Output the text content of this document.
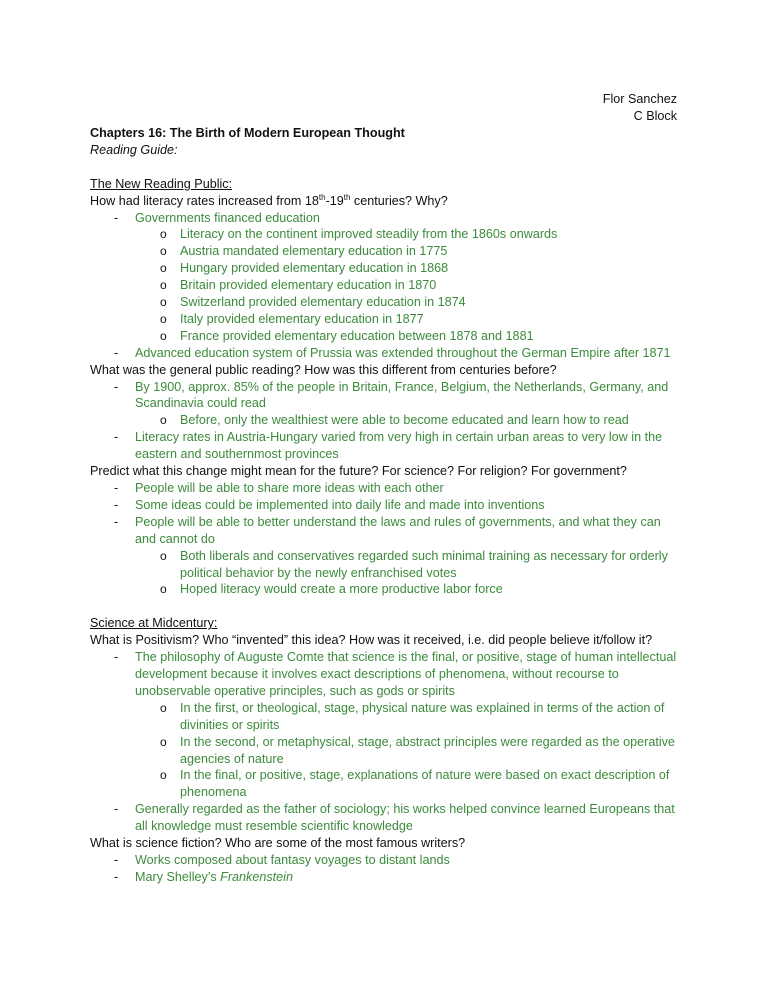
Flor Sanchez
C Block
Chapters 16: The Birth of Modern European Thought
Reading Guide:
The New Reading Public:
How had literacy rates increased from 18th-19th centuries? Why?
- Governments financed education
o Literacy on the continent improved steadily from the 1860s onwards
o Austria mandated elementary education in 1775
o Hungary provided elementary education in 1868
o Britain provided elementary education in 1870
o Switzerland provided elementary education in 1874
o Italy provided elementary education in 1877
o France provided elementary education between 1878 and 1881
- Advanced education system of Prussia was extended throughout the German Empire after 1871
What was the general public reading? How was this different from centuries before?
- By 1900, approx. 85% of the people in Britain, France, Belgium, the Netherlands, Germany, and Scandinavia could read
o Before, only the wealthiest were able to become educated and learn how to read
- Literacy rates in Austria-Hungary varied from very high in certain urban areas to very low in the eastern and southernmost provinces
Predict what this change might mean for the future? For science? For religion? For government?
- People will be able to share more ideas with each other
- Some ideas could be implemented into daily life and made into inventions
- People will be able to better understand the laws and rules of governments, and what they can and cannot do
o Both liberals and conservatives regarded such minimal training as necessary for orderly political behavior by the newly enfranchised votes
o Hoped literacy would create a more productive labor force
Science at Midcentury:
What is Positivism? Who “invented” this idea? How was it received, i.e. did people believe it/follow it?
- The philosophy of Auguste Comte that science is the final, or positive, stage of human intellectual development because it involves exact descriptions of phenomena, without recourse to unobservable operative principles, such as gods or spirits
o In the first, or theological, stage, physical nature was explained in terms of the action of divinities or spirits
o In the second, or metaphysical, stage, abstract principles were regarded as the operative agencies of nature
o In the final, or positive, stage, explanations of nature were based on exact description of phenomena
- Generally regarded as the father of sociology; his works helped convince learned Europeans that all knowledge must resemble scientific knowledge
What is science fiction? Who are some of the most famous writers?
- Works composed about fantasy voyages to distant lands
- Mary Shelley’s Frankenstein
